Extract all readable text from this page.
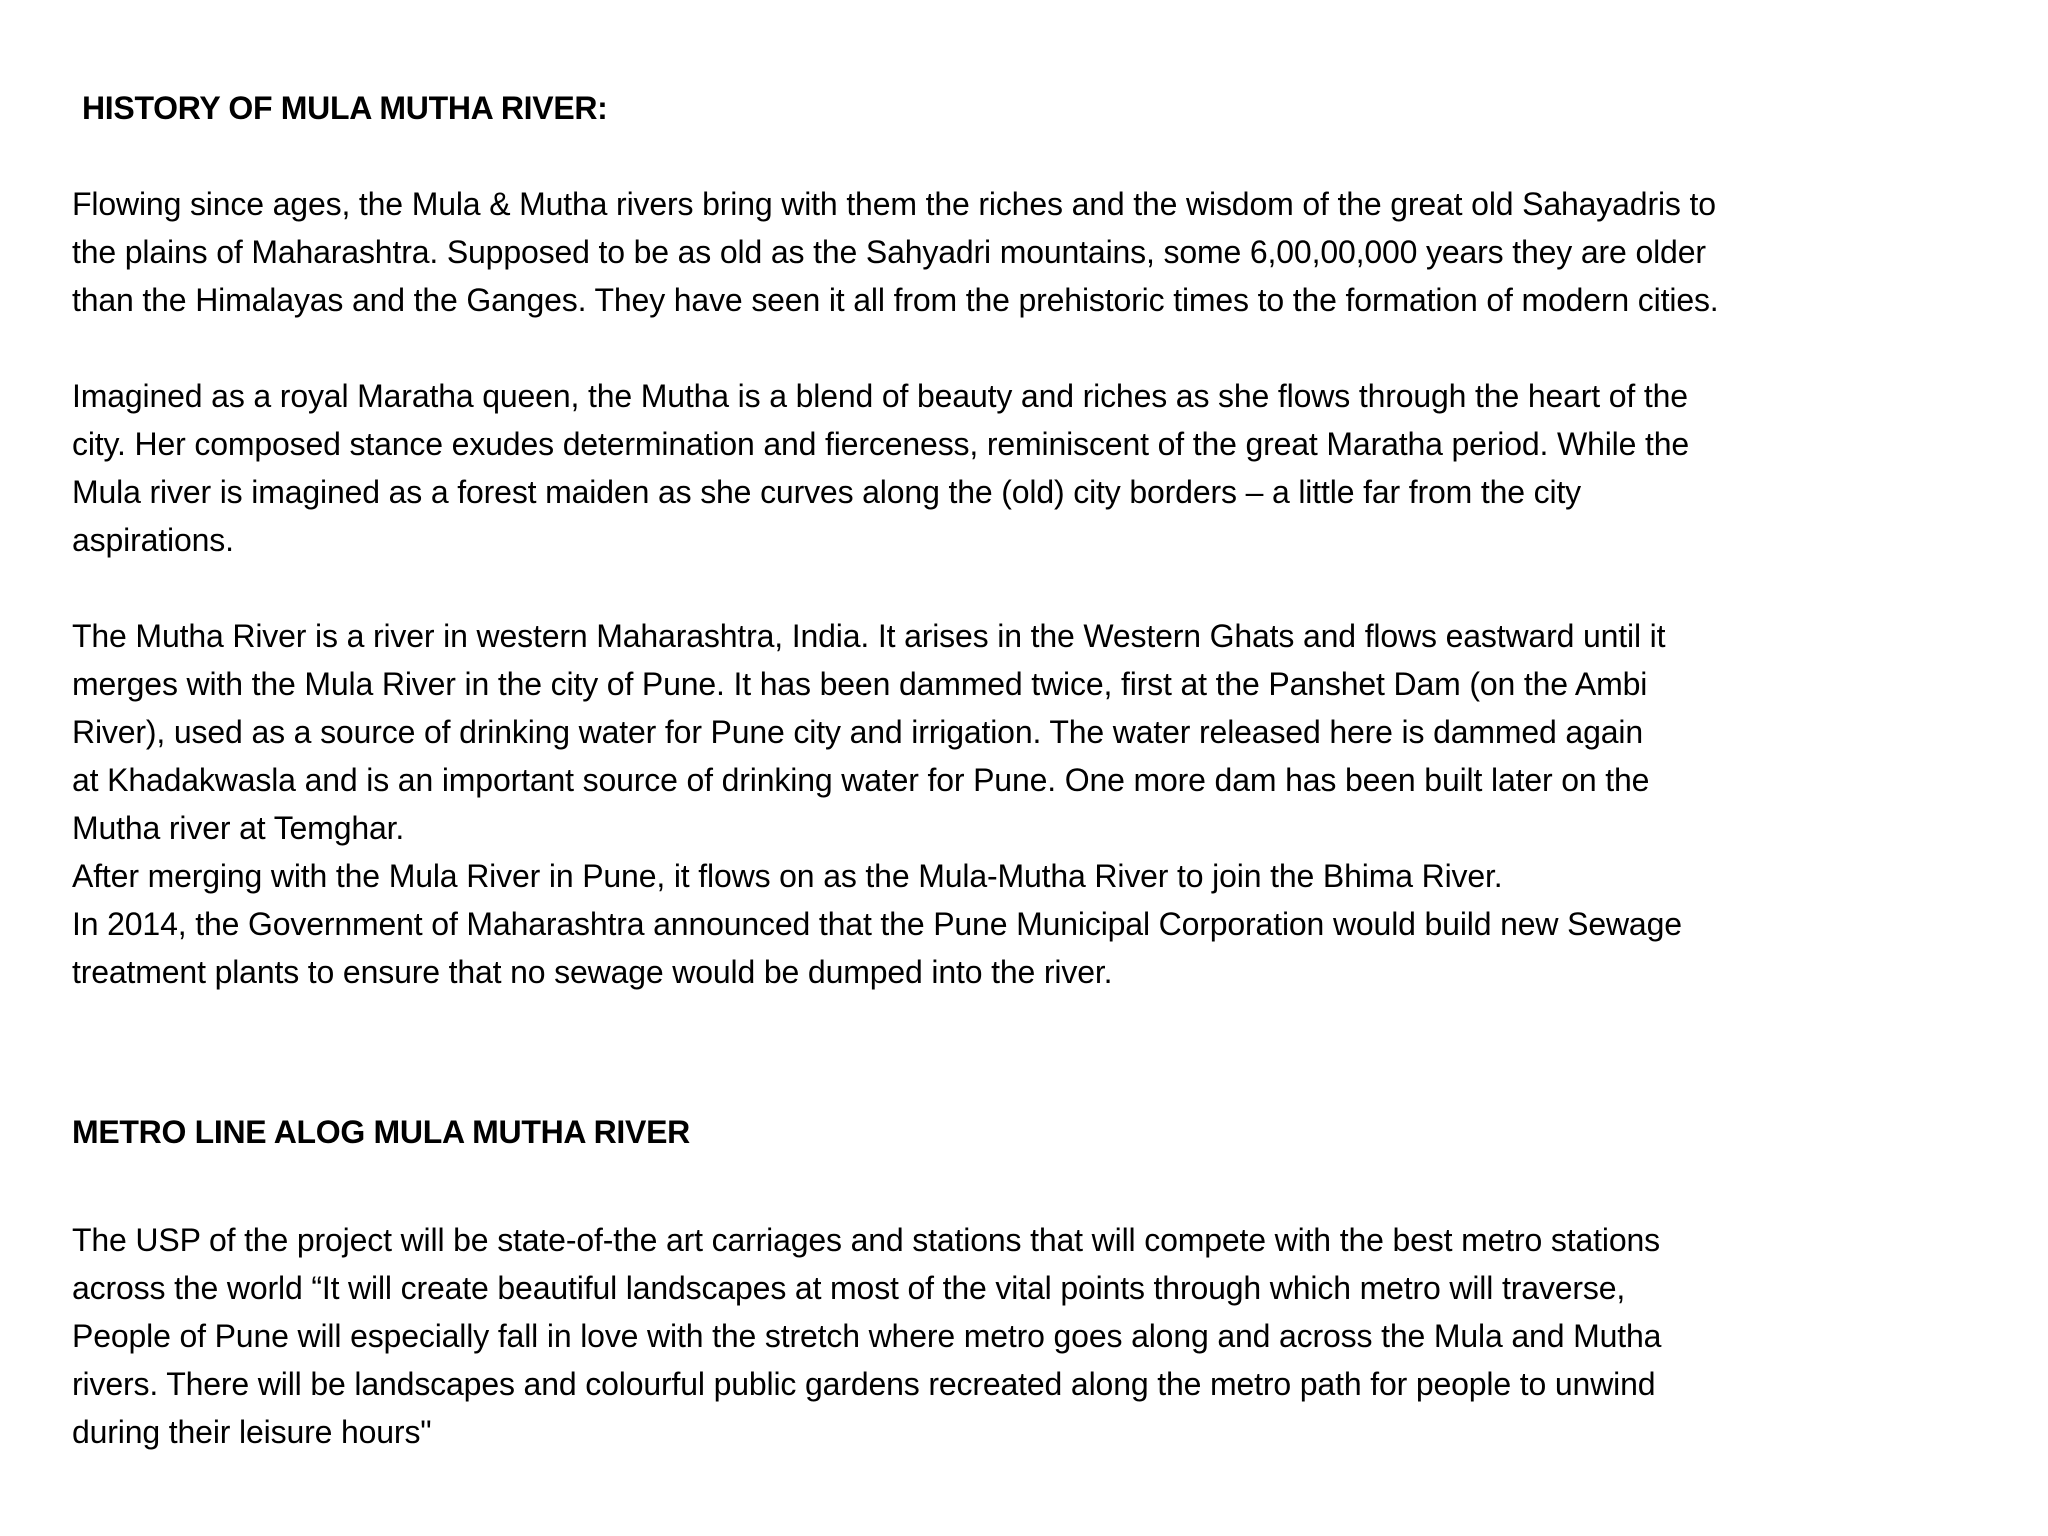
HISTORY OF MULA MUTHA RIVER:
Flowing since ages, the Mula & Mutha rivers bring with them the riches and the wisdom of the great old Sahayadris to
the plains of Maharashtra. Supposed to be as old as the Sahyadri mountains, some 6,00,00,000 years they are older
than the Himalayas and the Ganges. They have seen it all from the prehistoric times to the formation of modern cities.
Imagined as a royal Maratha queen, the Mutha is a blend of beauty and riches as she flows through the heart of the
city. Her composed stance exudes determination and fierceness, reminiscent of the great Maratha period. While the
Mula river is imagined as a forest maiden as she curves along the (old) city borders – a little far from the city
aspirations.
The Mutha River is a river in western Maharashtra, India. It arises in the Western Ghats and flows eastward until it
merges with the Mula River in the city of Pune. It has been dammed twice, first at the Panshet Dam (on the Ambi
River), used as a source of drinking water for Pune city and irrigation. The water released here is dammed again
at Khadakwasla and is an important source of drinking water for Pune. One more dam has been built later on the
Mutha river at Temghar.
After merging with the Mula River in Pune, it flows on as the Mula-Mutha River to join the Bhima River.
In 2014, the Government of Maharashtra announced that the Pune Municipal Corporation would build new Sewage
treatment plants to ensure that no sewage would be dumped into the river.
METRO LINE ALOG MULA MUTHA RIVER
The USP of the project will be state-of-the art carriages and stations that will compete with the best metro stations
across the world “It will create beautiful landscapes at most of the vital points through which metro will traverse,
People of Pune will especially fall in love with the stretch where metro goes along and across the Mula and Mutha
rivers. There will be landscapes and colourful public gardens recreated along the metro path for people to unwind
during their leisure hours"
